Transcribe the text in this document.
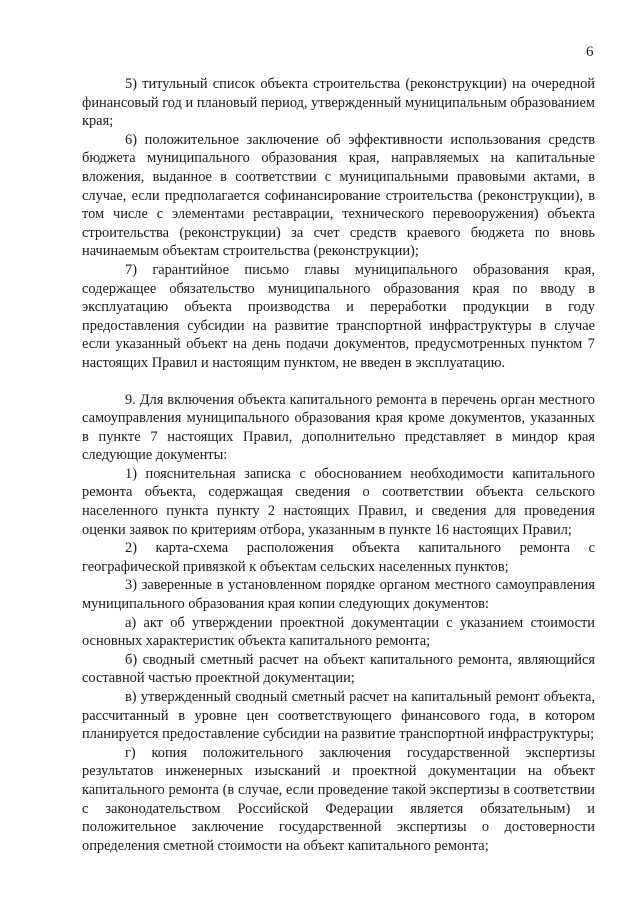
6

5) титульный список объекта строительства (реконструкции) на очередной финансовый год и плановый период, утвержденный муниципальным образованием края;

6) положительное заключение об эффективности использования средств бюджета муниципального образования края, направляемых на капитальные вложения, выданное в соответствии с муниципальными правовыми актами, в случае, если предполагается софинансирование строительства (реконструкции), в том числе с элементами реставрации, технического перевооружения) объекта строительства (реконструкции) за счет средств краевого бюджета по вновь начинаемым объектам строительства (реконструкции);

7) гарантийное письмо главы муниципального образования края, содержащее обязательство муниципального образования края по вводу в эксплуатацию объекта производства и переработки продукции в году предоставления субсидии на развитие транспортной инфраструктуры в случае если указанный объект на день подачи документов, предусмотренных пунктом 7 настоящих Правил и настоящим пунктом, не введен в эксплуатацию.

9. Для включения объекта капитального ремонта в перечень орган местного самоуправления муниципального образования края кроме документов, указанных в пункте 7 настоящих Правил, дополнительно представляет в миндор края следующие документы:

1) пояснительная записка с обоснованием необходимости капитального ремонта объекта, содержащая сведения о соответствии объекта сельского населенного пункта пункту 2 настоящих Правил, и сведения для проведения оценки заявок по критериям отбора, указанным в пункте 16 настоящих Правил;

2) карта-схема расположения объекта капитального ремонта с географической привязкой к объектам сельских населенных пунктов;

3) заверенные в установленном порядке органом местного самоуправления муниципального образования края копии следующих документов:

а) акт об утверждении проектной документации с указанием стоимости основных характеристик объекта капитального ремонта;

б) сводный сметный расчет на объект капитального ремонта, являющийся составной частью проектной документации;

в) утвержденный сводный сметный расчет на капитальный ремонт объекта, рассчитанный в уровне цен соответствующего финансового года, в котором планируется предоставление субсидии на развитие транспортной инфраструктуры;

г) копия положительного заключения государственной экспертизы результатов инженерных изысканий и проектной документации на объект капитального ремонта (в случае, если проведение такой экспертизы в соответствии с законодательством Российской Федерации является обязательным) и положительное заключение государственной экспертизы о достоверности определения сметной стоимости на объект капитального ремонта;
